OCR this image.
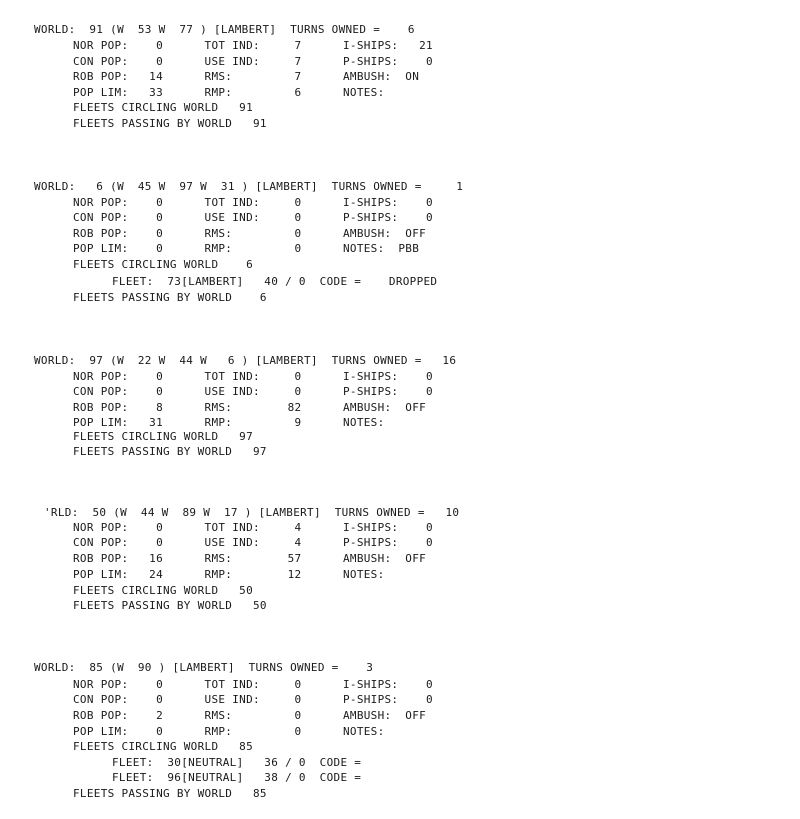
WORLD:  91 (W  53 W  77 ) [LAMBERT]  TURNS OWNED =    6
NOR POP:    0      TOT IND:     7      I-SHIPS:   21
CON POP:    0      USE IND:     7      P-SHIPS:    0
ROB POP:   14      RMS:         7      AMBUSH:  ON
POP LIM:   33      RMP:         6      NOTES:
FLEETS CIRCLING WORLD   91
FLEETS PASSING BY WORLD   91
WORLD:   6 (W  45 W  97 W  31 ) [LAMBERT]  TURNS OWNED =     1
NOR POP:    0      TOT IND:     0      I-SHIPS:    0
CON POP:    0      USE IND:     0      P-SHIPS:    0
ROB POP:    0      RMS:         0      AMBUSH:  OFF
POP LIM:    0      RMP:         0      NOTES:  PBB
FLEETS CIRCLING WORLD    6
FLEET:  73[LAMBERT]   40 / 0  CODE =    DROPPED
FLEETS PASSING BY WORLD    6
WORLD:  97 (W  22 W  44 W   6 ) [LAMBERT]  TURNS OWNED =   16
NOR POP:    0      TOT IND:     0      I-SHIPS:    0
CON POP:    0      USE IND:     0      P-SHIPS:    0
ROB POP:    8      RMS:        82      AMBUSH:  OFF
POP LIM:   31      RMP:         9      NOTES:
FLEETS CIRCLING WORLD   97
FLEETS PASSING BY WORLD   97
'RLD:  50 (W  44 W  89 W  17 ) [LAMBERT]  TURNS OWNED =   10
NOR POP:    0      TOT IND:     4      I-SHIPS:    0
CON POP:    0      USE IND:     4      P-SHIPS:    0
ROB POP:   16      RMS:        57      AMBUSH:  OFF
POP LIM:   24      RMP:        12      NOTES:
FLEETS CIRCLING WORLD   50
FLEETS PASSING BY WORLD   50
WORLD:  85 (W  90 ) [LAMBERT]  TURNS OWNED =    3
NOR POP:    0      TOT IND:     0      I-SHIPS:    0
CON POP:    0      USE IND:     0      P-SHIPS:    0
ROB POP:    2      RMS:         0      AMBUSH:  OFF
POP LIM:    0      RMP:         0      NOTES:
FLEETS CIRCLING WORLD   85
FLEET:  30[NEUTRAL]   36 / 0  CODE =
FLEET:  96[NEUTRAL]   38 / 0  CODE =
FLEETS PASSING BY WORLD   85
